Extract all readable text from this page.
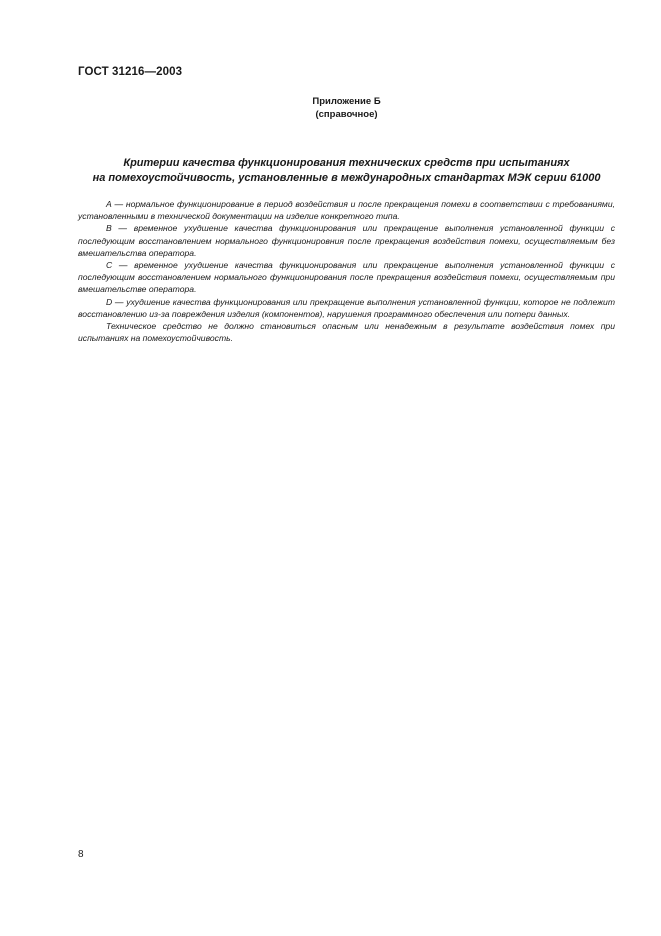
ГОСТ 31216—2003
Приложение Б
(справочное)
Критерии качества функционирования технических средств при испытаниях
на помехоустойчивость, установленные в международных стандартах МЭК серии 61000

А — нормальное функционирование в период воздействия и после прекращения помехи в соответствии с требованиями, установленными в технической документации на изделие конкретного типа.

В — временное ухудшение качества функционирования или прекращение выполнения установленной функции с последующим восстановлением нормального функционировния после прекращения воздействия помехи, осуществляемым без вмешательства оператора.

С — временное ухудшение качества функционирования или прекращение выполнения установленной функции с последующим восстановлением нормального функционирования после прекращения воздействия помехи, осуществляемым при вмешательстве оператора.

D — ухудшение качества функционирования или прекращение выполнения установленной функции, которое не подлежит восстановлению из-за повреждения изделия (компонентов), нарушения программного обеспечения или потери данных.

Техническое средство не должно становиться опасным или ненадежным в результате воздействия помех при испытаниях на помехоустойчивость.

8
